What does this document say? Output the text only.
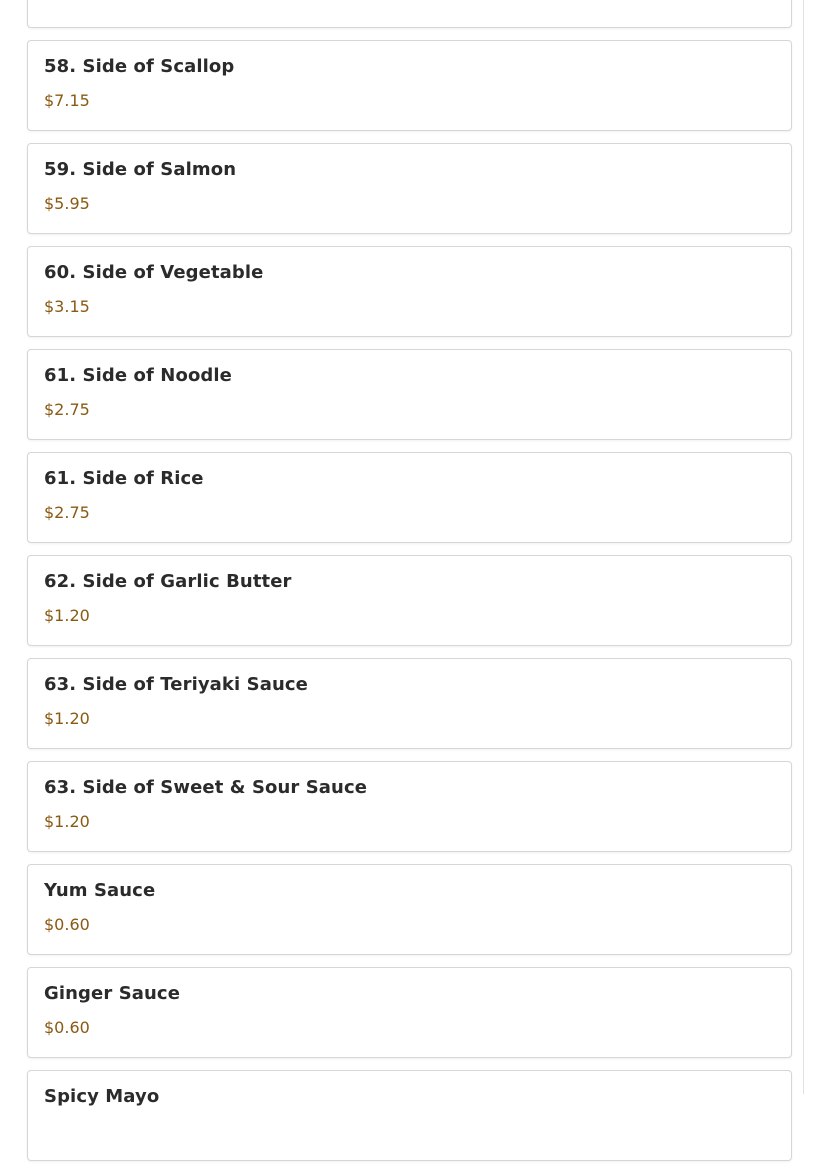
58. Side of Scallop
$7.15
59. Side of Salmon
$5.95
60. Side of Vegetable
$3.15
61. Side of Noodle
$2.75
61. Side of Rice
$2.75
62. Side of Garlic Butter
$1.20
63. Side of Teriyaki Sauce
$1.20
63. Side of Sweet & Sour Sauce
$1.20
Yum Sauce
$0.60
Ginger Sauce
$0.60
Spicy Mayo
